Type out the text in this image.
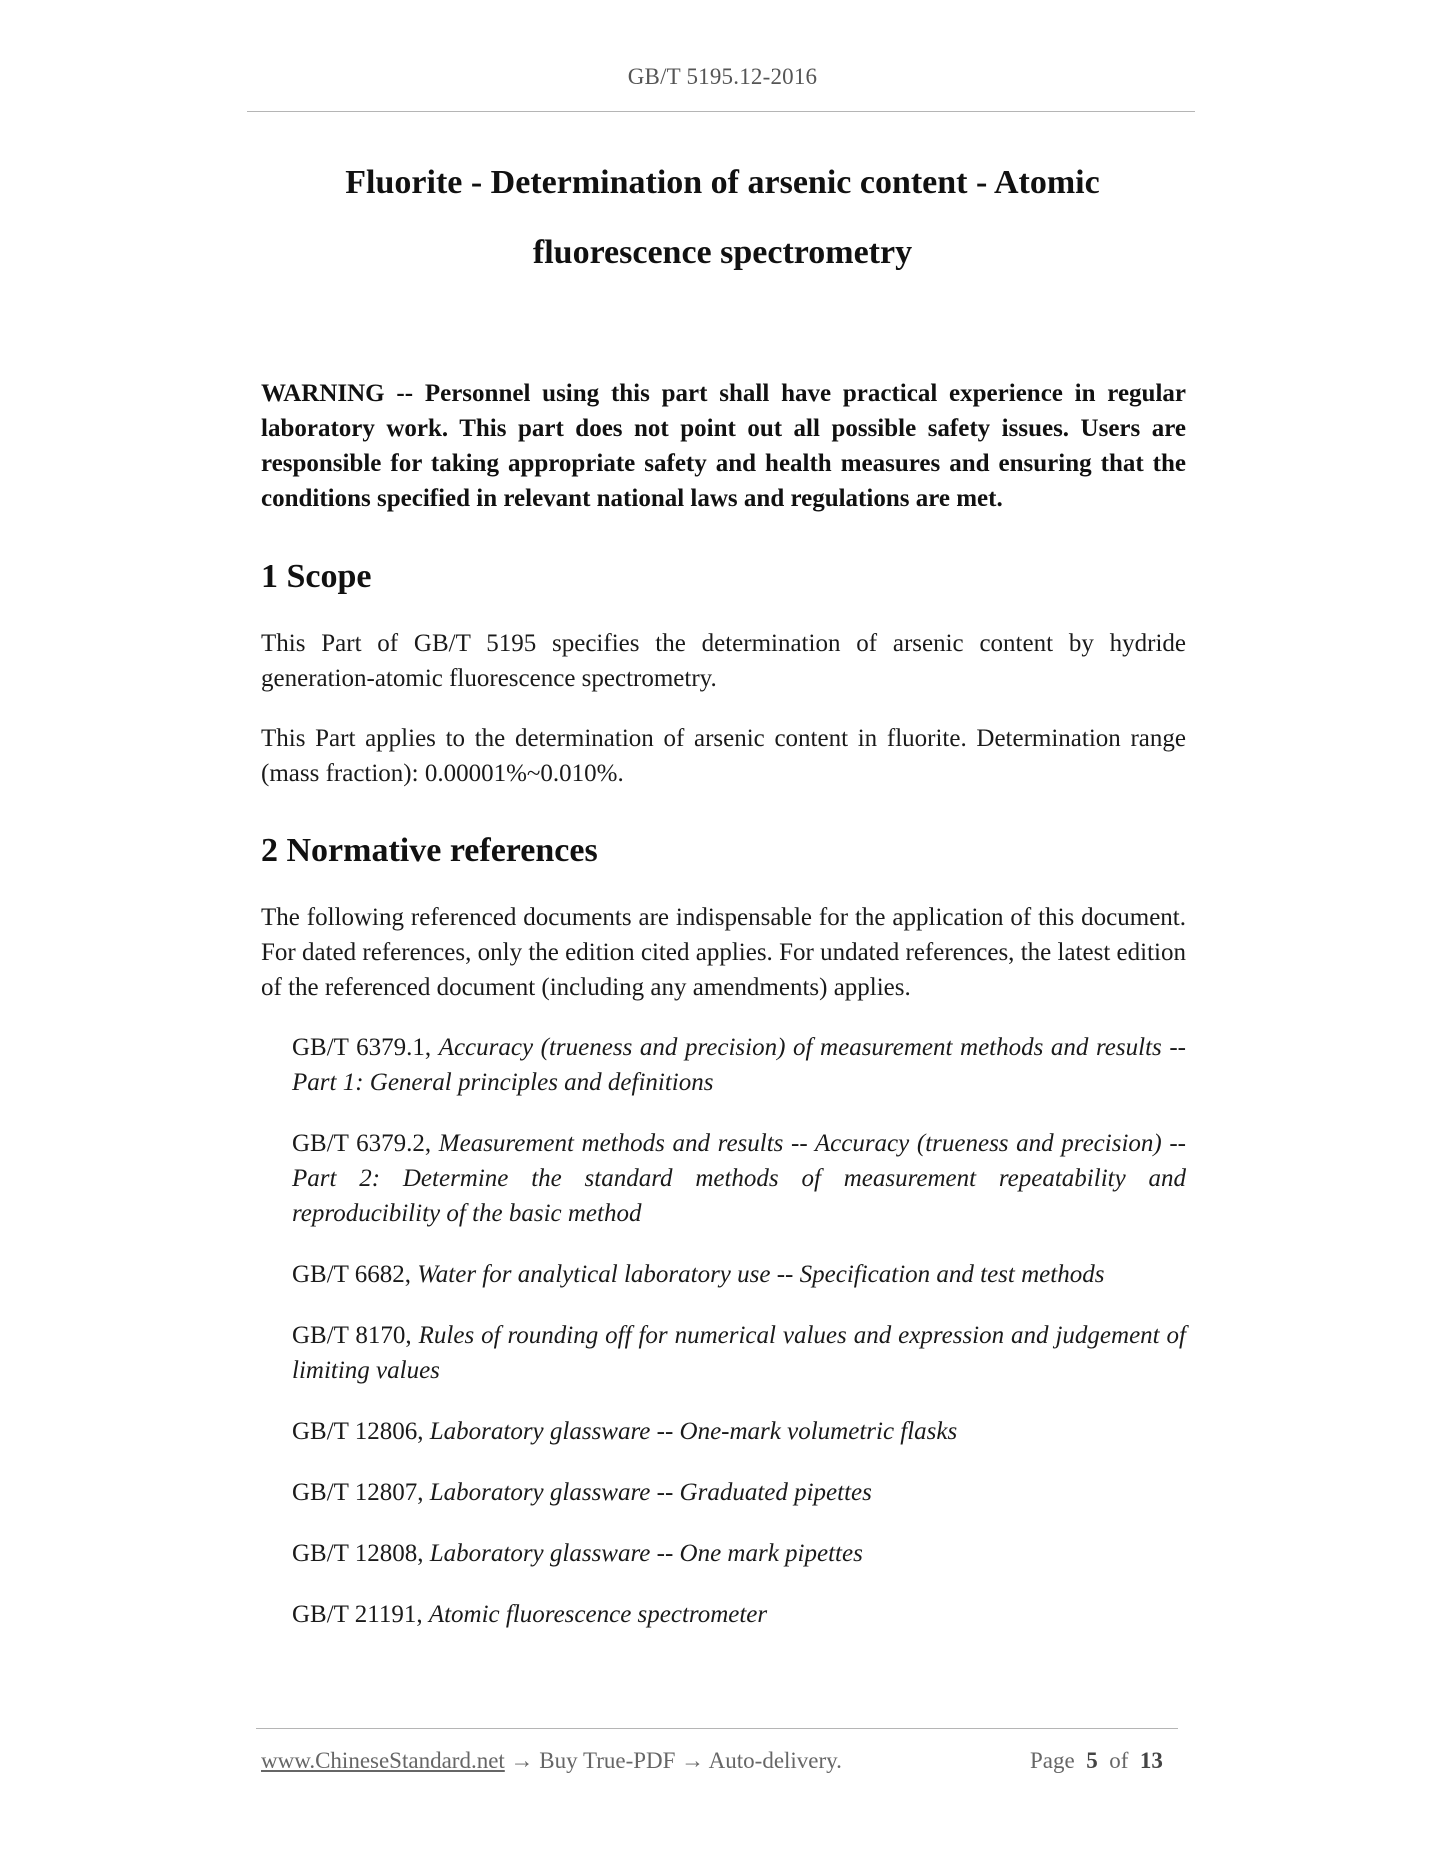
GB/T 5195.12-2016
Fluorite - Determination of arsenic content - Atomic
fluorescence spectrometry

WARNING -- Personnel using this part shall have practical experience in regular laboratory work. This part does not point out all possible safety issues. Users are responsible for taking appropriate safety and health measures and ensuring that the conditions specified in relevant national laws and regulations are met.

1 Scope

This Part of GB/T 5195 specifies the determination of arsenic content by hydride generation-atomic fluorescence spectrometry.

This Part applies to the determination of arsenic content in fluorite. Determination range (mass fraction): 0.00001%~0.010%.

2 Normative references

The following referenced documents are indispensable for the application of this document. For dated references, only the edition cited applies. For undated references, the latest edition of the referenced document (including any amendments) applies.

GB/T 6379.1, Accuracy (trueness and precision) of measurement methods and results -- Part 1: General principles and definitions

GB/T 6379.2, Measurement methods and results -- Accuracy (trueness and precision) -- Part 2: Determine the standard methods of measurement repeatability and reproducibility of the basic method

GB/T 6682, Water for analytical laboratory use -- Specification and test methods

GB/T 8170, Rules of rounding off for numerical values and expression and judgement of limiting values

GB/T 12806, Laboratory glassware -- One-mark volumetric flasks

GB/T 12807, Laboratory glassware -- Graduated pipettes

GB/T 12808, Laboratory glassware -- One mark pipettes

GB/T 21191, Atomic fluorescence spectrometer

www.ChineseStandard.net → Buy True-PDF → Auto-delivery.	Page 5 of 13
